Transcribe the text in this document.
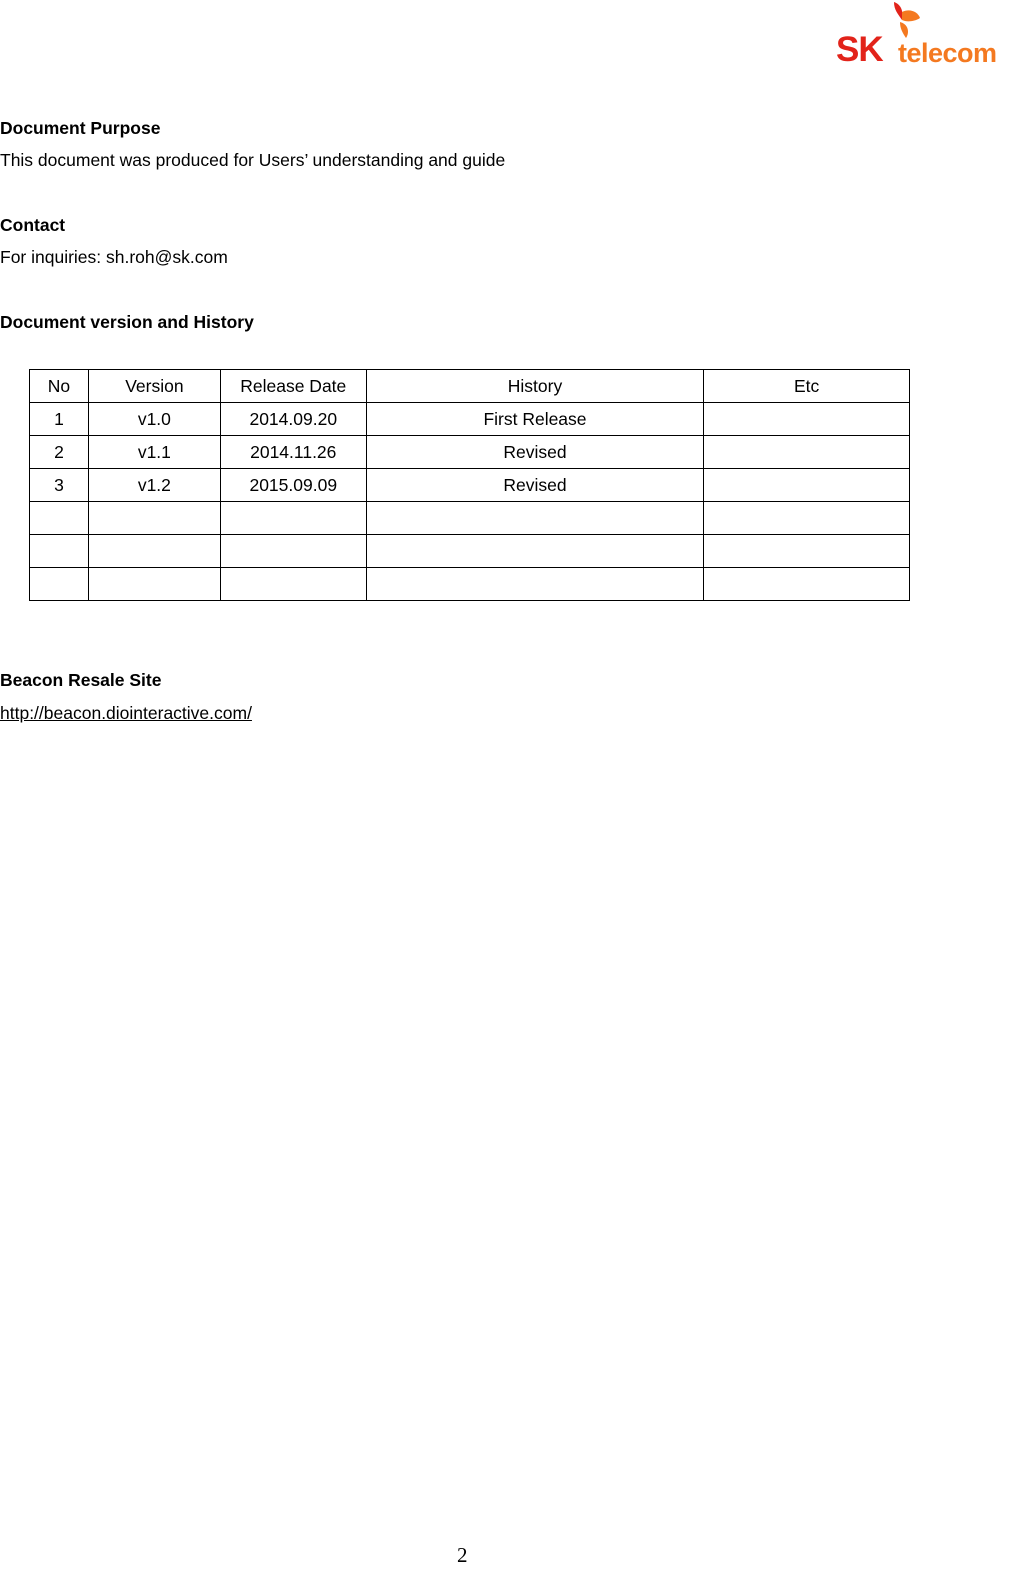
SK telecom
Document Purpose
This document was produced for Users’ understanding and guide
Contact
For inquiries: sh.roh@sk.com
Document version and History
No	Version	Release Date	History	Etc
1	v1.0	2014.09.20	First Release	
2	v1.1	2014.11.26	Revised	
3	v1.2	2015.09.09	Revised	

Beacon Resale Site
http://beacon.diointeractive.com/
2
